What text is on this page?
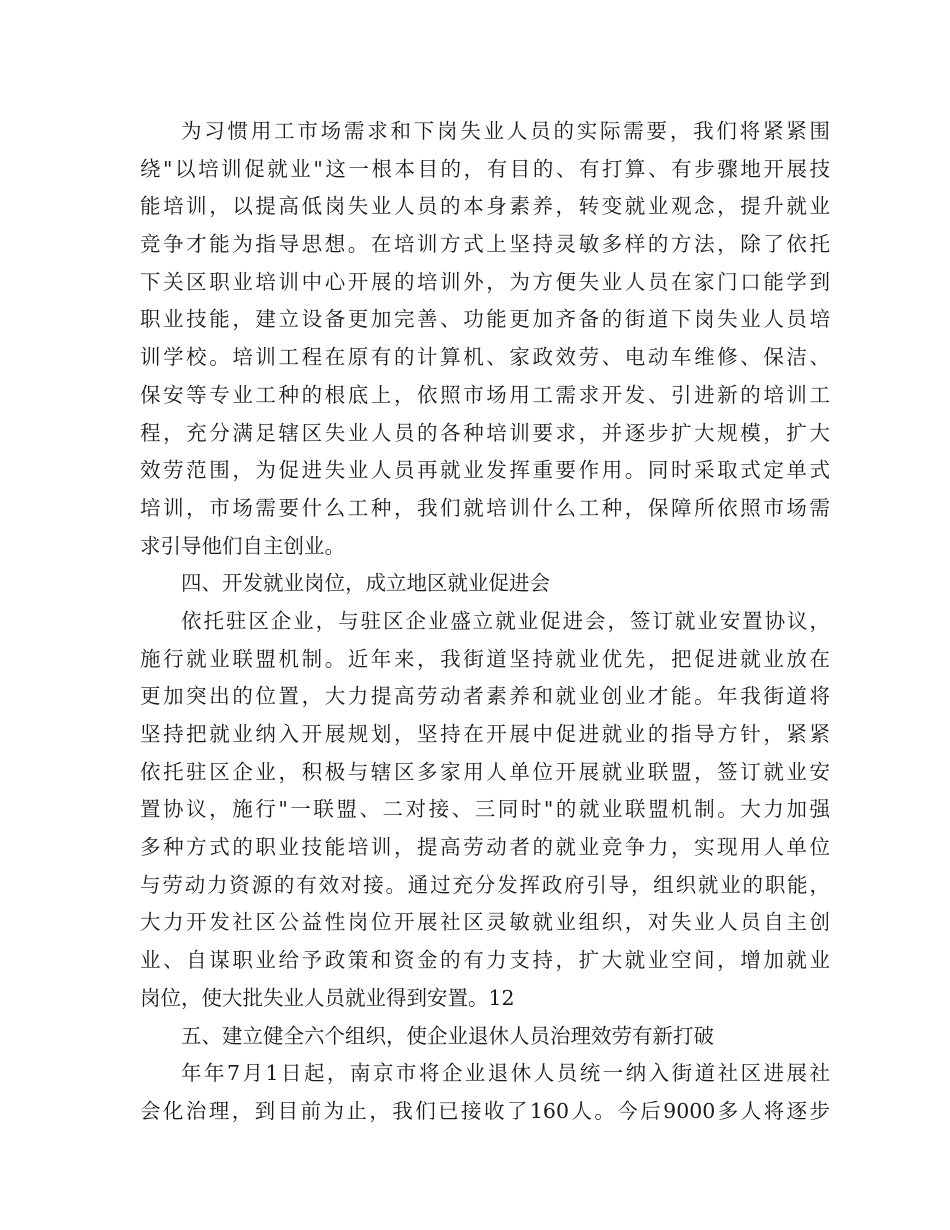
为习惯用工市场需求和下岗失业人员的实际需要，我们将紧紧围
绕"以培训促就业"这一根本目的，有目的、有打算、有步骤地开展技
能培训，以提高低岗失业人员的本身素养，转变就业观念，提升就业
竞争才能为指导思想。在培训方式上坚持灵敏多样的方法，除了依托
下关区职业培训中心开展的培训外，为方便失业人员在家门口能学到
职业技能，建立设备更加完善、功能更加齐备的街道下岗失业人员培
训学校。培训工程在原有的计算机、家政效劳、电动车维修、保洁、
保安等专业工种的根底上，依照市场用工需求开发、引进新的培训工
程，充分满足辖区失业人员的各种培训要求，并逐步扩大规模，扩大
效劳范围，为促进失业人员再就业发挥重要作用。同时采取式定单式
培训，市场需要什么工种，我们就培训什么工种，保障所依照市场需
求引导他们自主创业。
四、开发就业岗位，成立地区就业促进会
依托驻区企业，与驻区企业盛立就业促进会，签订就业安置协议，
施行就业联盟机制。近年来，我街道坚持就业优先，把促进就业放在
更加突出的位置，大力提高劳动者素养和就业创业才能。年我街道将
坚持把就业纳入开展规划，坚持在开展中促进就业的指导方针，紧紧
依托驻区企业，积极与辖区多家用人单位开展就业联盟，签订就业安
置协议，施行"一联盟、二对接、三同时"的就业联盟机制。大力加强
多种方式的职业技能培训，提高劳动者的就业竞争力，实现用人单位
与劳动力资源的有效对接。通过充分发挥政府引导，组织就业的职能，
大力开发社区公益性岗位开展社区灵敏就业组织，对失业人员自主创
业、自谋职业给予政策和资金的有力支持，扩大就业空间，增加就业
岗位，使大批失业人员就业得到安置。12
五、建立健全六个组织，使企业退休人员治理效劳有新打破
年年7月1日起，南京市将企业退休人员统一纳入街道社区进展社
会化治理，到目前为止，我们已接收了160人。今后9000多人将逐步
